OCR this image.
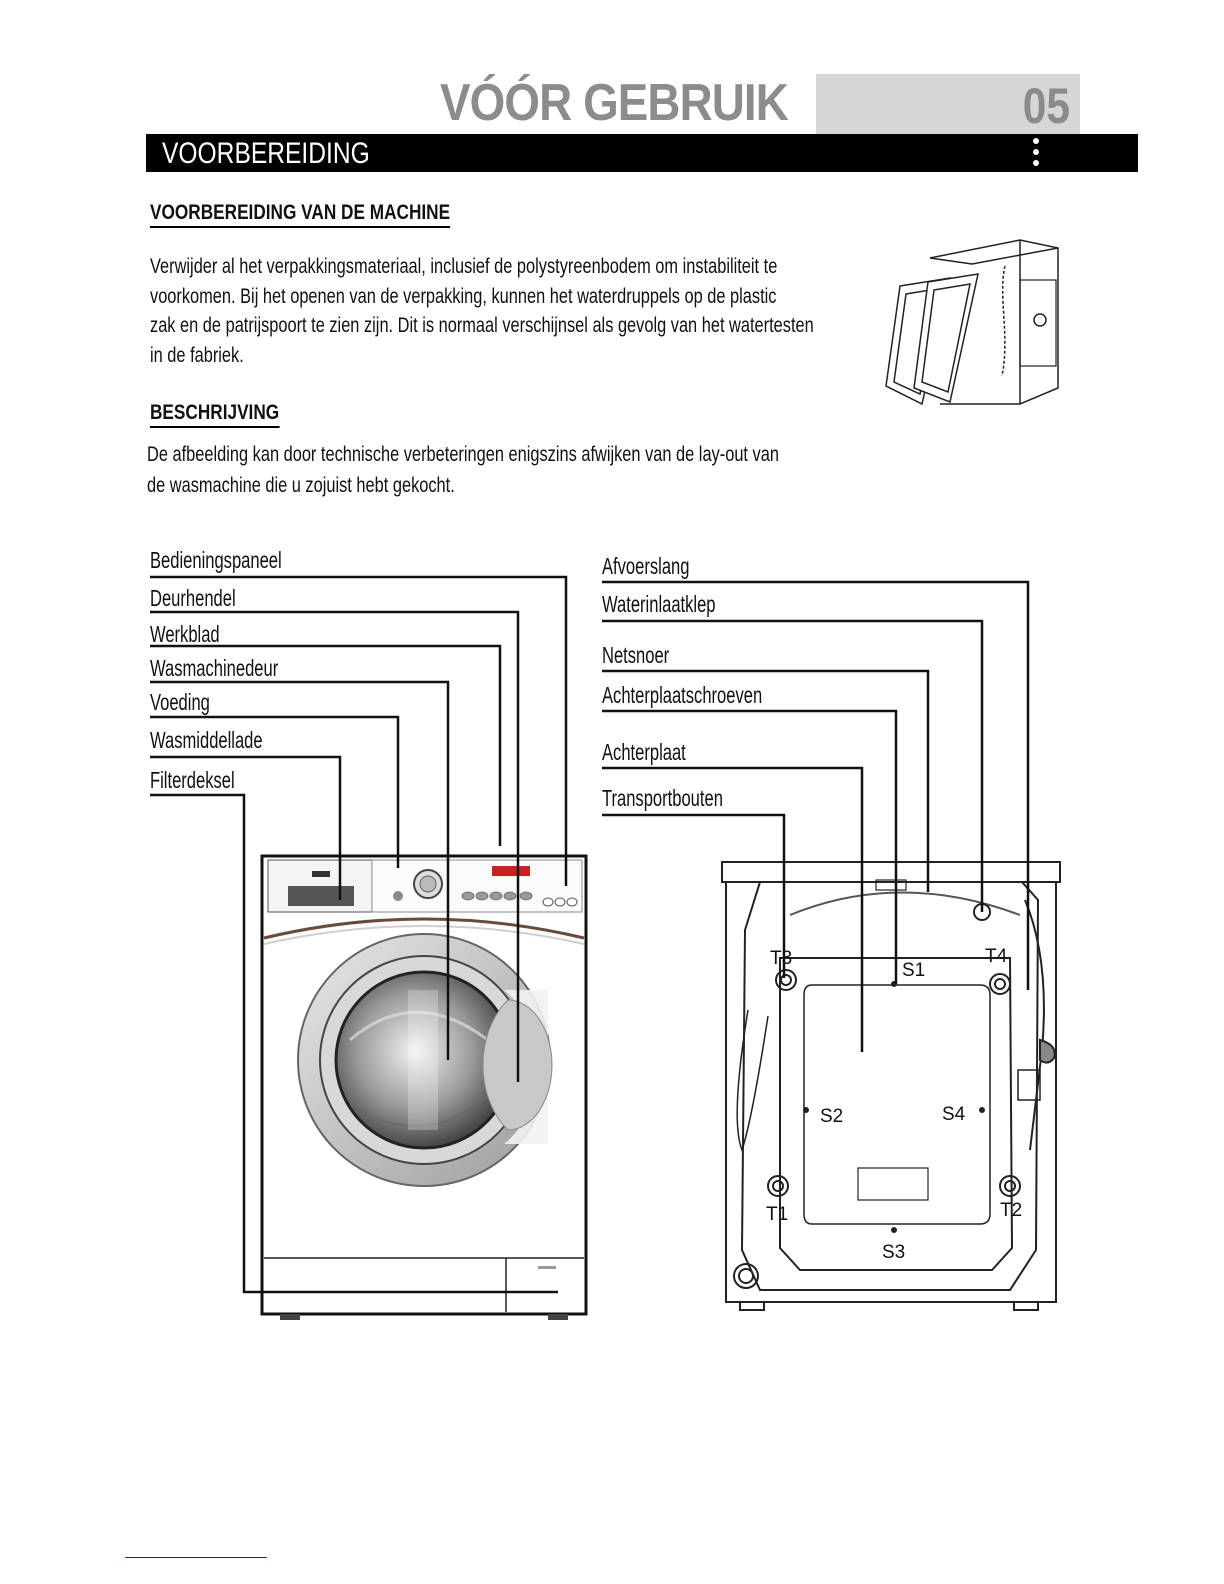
VÓÓR GEBRUIK	05
VOORBEREIDING
VOORBEREIDING VAN DE MACHINE
Verwijder al het verpakkingsmateriaal, inclusief de polystyreenbodem om instabiliteit te
voorkomen. Bij het openen van de verpakking, kunnen het waterdruppels op de plastic
zak en de patrijspoort te zien zijn. Dit is normaal verschijnsel als gevolg van het watertesten
in de fabriek.
BESCHRIJVING
De afbeelding kan door technische verbeteringen enigszins afwijken van de lay-out van
de wasmachine die u zojuist hebt gekocht.
Bedieningspaneel
Deurhendel
Werkblad
Wasmachinedeur
Voeding
Wasmiddellade
Filterdeksel
Afvoerslang
Waterinlaatklep
Netsnoer
Achterplaatschroeven
Achterplaat
Transportbouten
T3	T4
S1
S2	S4
T1	T2
S3
